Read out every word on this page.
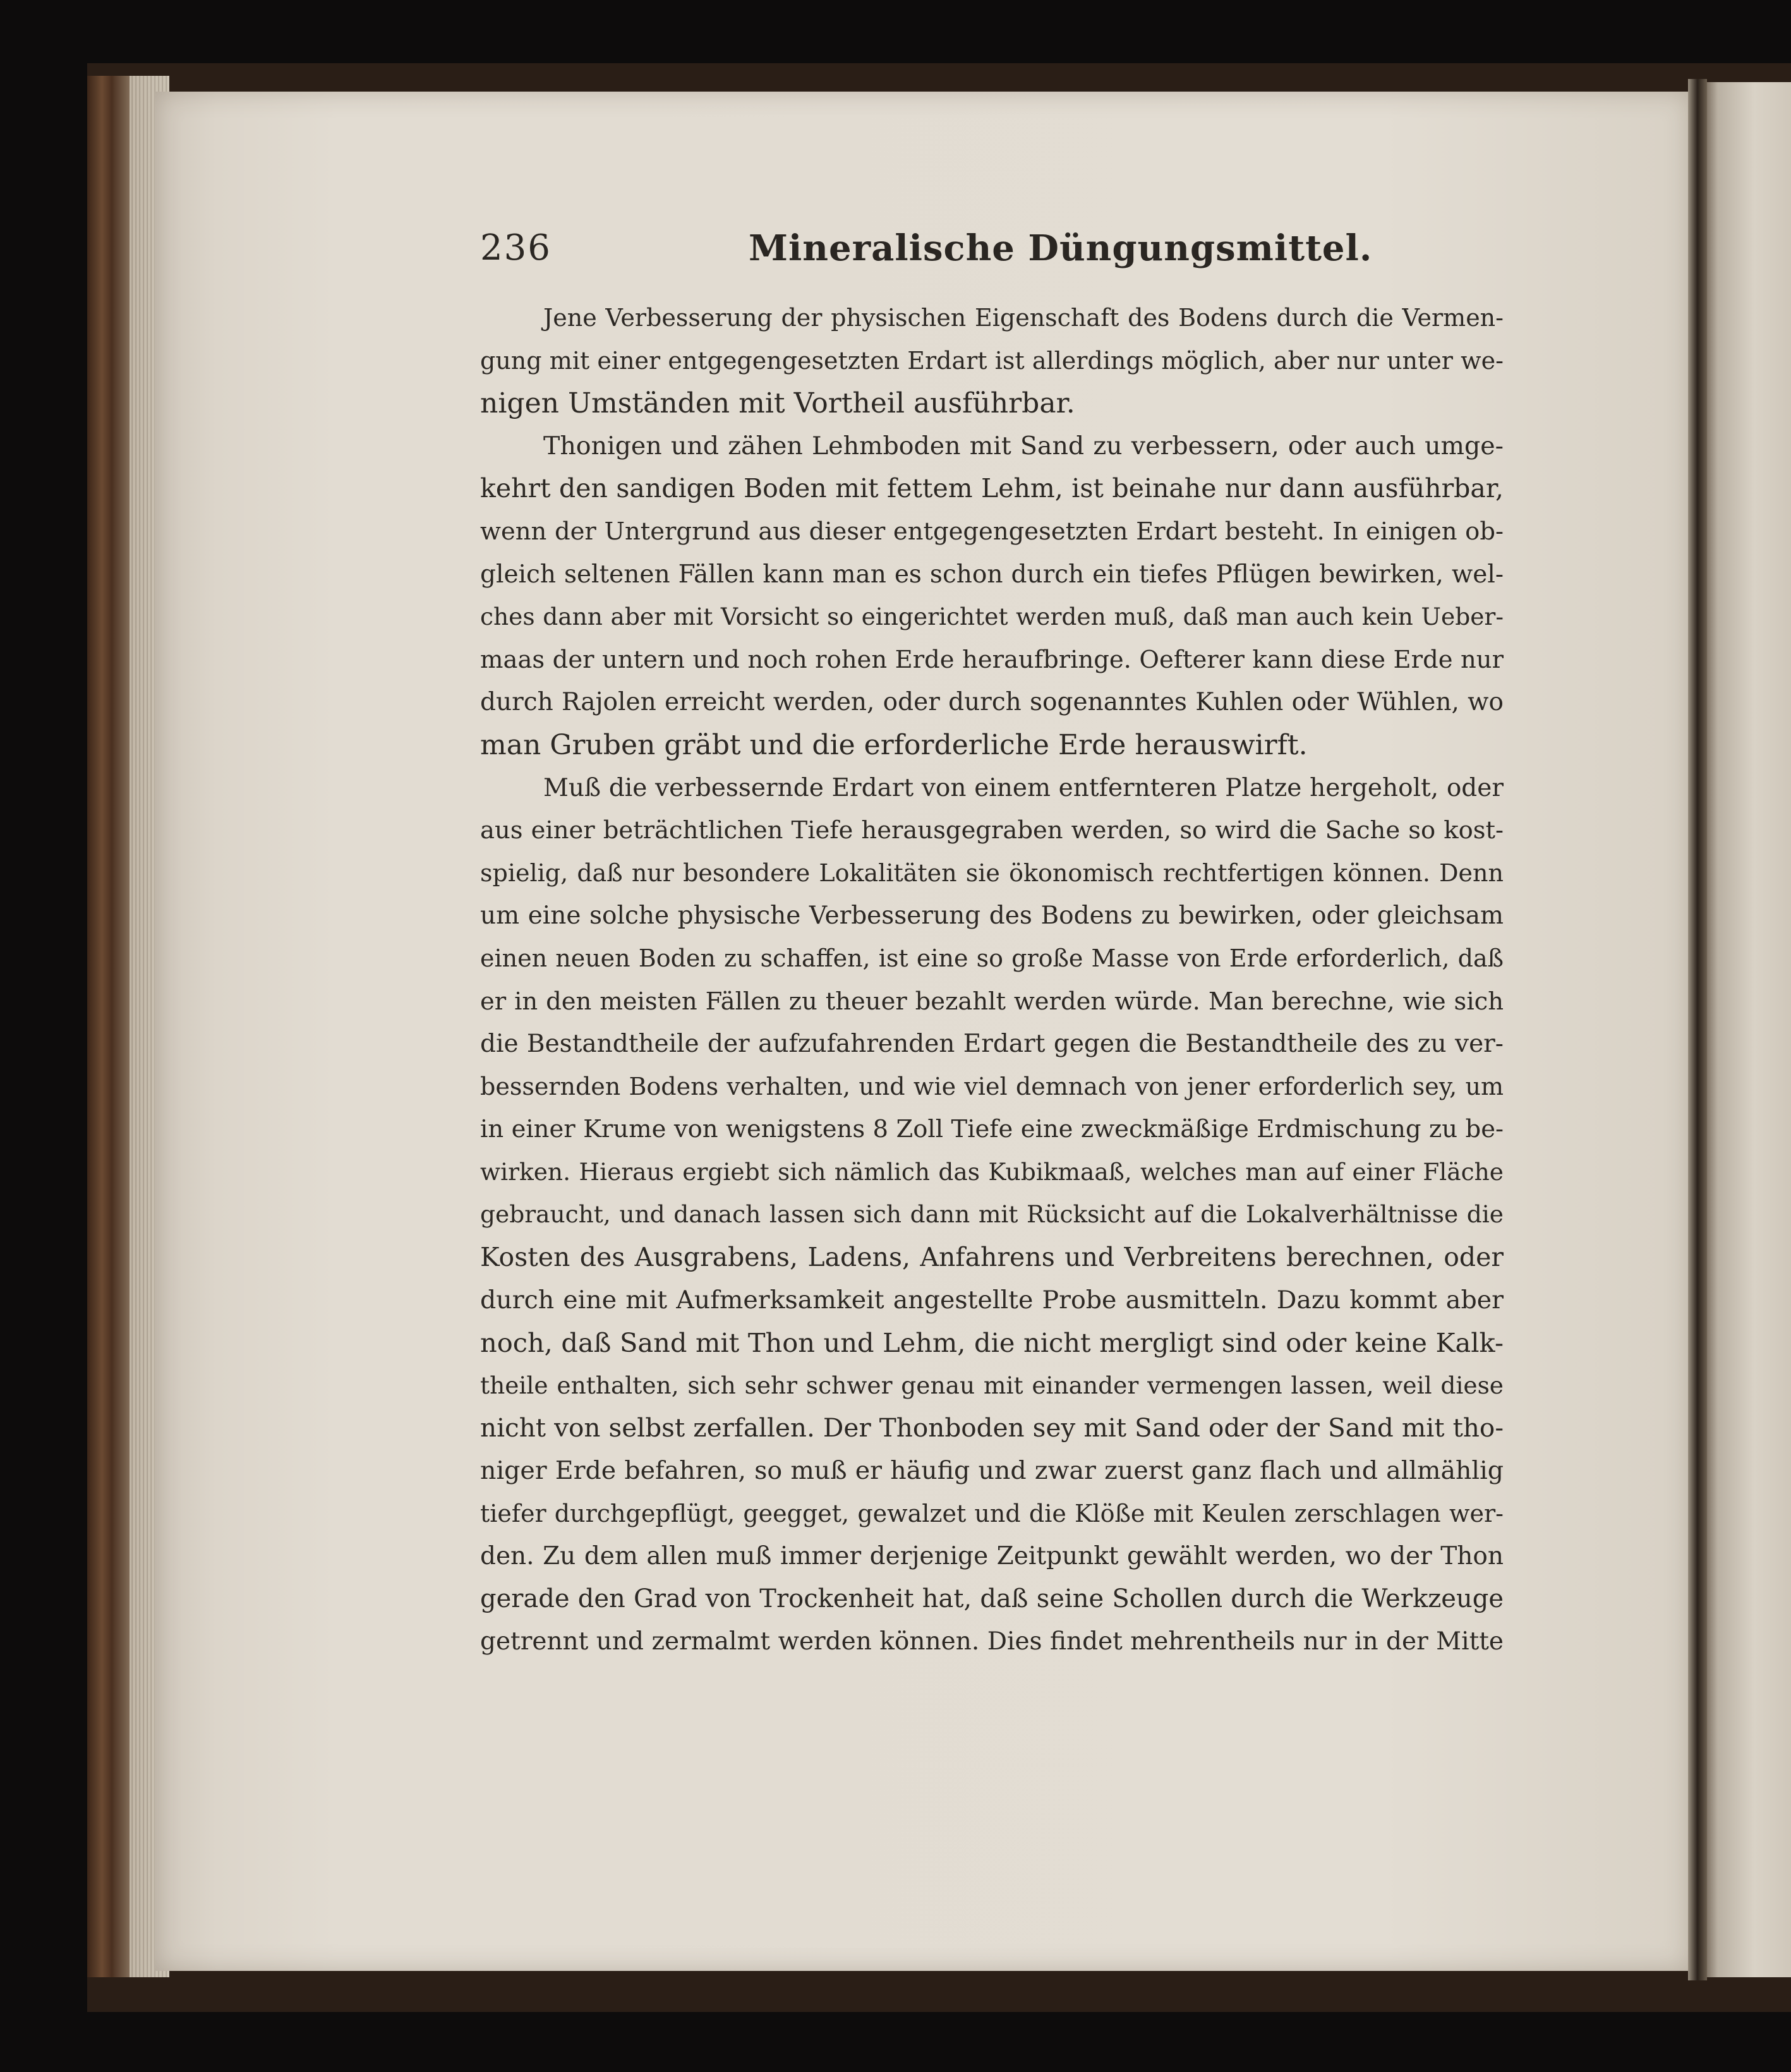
236	Mineralische Düngungsmittel.
Jene Verbesserung der physischen Eigenschaft des Bodens durch die Vermen-
gung mit einer entgegengesetzten Erdart ist allerdings möglich, aber nur unter we-
nigen Umständen mit Vortheil ausführbar.
Thonigen und zähen Lehmboden mit Sand zu verbessern, oder auch umge-
kehrt den sandigen Boden mit fettem Lehm, ist beinahe nur dann ausführbar,
wenn der Untergrund aus dieser entgegengesetzten Erdart besteht. In einigen ob-
gleich seltenen Fällen kann man es schon durch ein tiefes Pflügen bewirken, wel-
ches dann aber mit Vorsicht so eingerichtet werden muß, daß man auch kein Ueber-
maas der untern und noch rohen Erde heraufbringe. Oefterer kann diese Erde nur
durch Rajolen erreicht werden, oder durch sogenanntes Kuhlen oder Wühlen, wo
man Gruben gräbt und die erforderliche Erde herauswirft.
Muß die verbessernde Erdart von einem entfernteren Platze hergeholt, oder
aus einer beträchtlichen Tiefe herausgegraben werden, so wird die Sache so kost-
spielig, daß nur besondere Lokalitäten sie ökonomisch rechtfertigen können. Denn
um eine solche physische Verbesserung des Bodens zu bewirken, oder gleichsam
einen neuen Boden zu schaffen, ist eine so große Masse von Erde erforderlich, daß
er in den meisten Fällen zu theuer bezahlt werden würde. Man berechne, wie sich
die Bestandtheile der aufzufahrenden Erdart gegen die Bestandtheile des zu ver-
bessernden Bodens verhalten, und wie viel demnach von jener erforderlich sey, um
in einer Krume von wenigstens 8 Zoll Tiefe eine zweckmäßige Erdmischung zu be-
wirken. Hieraus ergiebt sich nämlich das Kubikmaaß, welches man auf einer Fläche
gebraucht, und danach lassen sich dann mit Rücksicht auf die Lokalverhältnisse die
Kosten des Ausgrabens, Ladens, Anfahrens und Verbreitens berechnen, oder
durch eine mit Aufmerksamkeit angestellte Probe ausmitteln. Dazu kommt aber
noch, daß Sand mit Thon und Lehm, die nicht mergligt sind oder keine Kalk-
theile enthalten, sich sehr schwer genau mit einander vermengen lassen, weil diese
nicht von selbst zerfallen. Der Thonboden sey mit Sand oder der Sand mit tho-
niger Erde befahren, so muß er häufig und zwar zuerst ganz flach und allmählig
tiefer durchgepflügt, geegget, gewalzet und die Klöße mit Keulen zerschlagen wer-
den. Zu dem allen muß immer derjenige Zeitpunkt gewählt werden, wo der Thon
gerade den Grad von Trockenheit hat, daß seine Schollen durch die Werkzeuge
getrennt und zermalmt werden können. Dies findet mehrentheils nur in der Mitte
